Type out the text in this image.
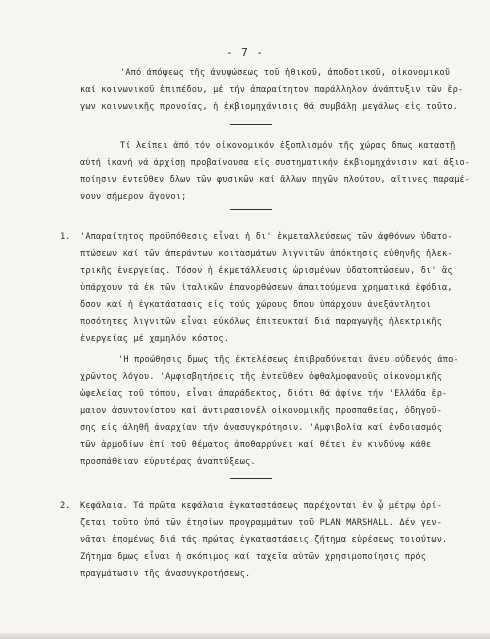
- 7 -
'Από άπόψεως τῆς ἀνυψώσεως τοῦ ἠθικοῦ, ἀποδοτικοῦ, οἰκονομικοῦ
καί κοινωνικοῦ ἐπιπέδου, μέ τήν ἀπαραίτητον παράλληλον ἀνάπτυξιν τῶν ἔρ-
γων κοινωνικῆς προνοίας, ἡ ἐκβιομηχάνισις θά συμβάλῃ μεγάλως εἰς τοῦτο.
Τί λείπει ἀπό τόν οἰκονομικόν ἐξοπλισμόν τῆς χώρας δπως καταστῇ
αὐτή ἱκανή νά ἀρχίσῃ προβαίνουσα εἰς συστηματικήν ἐκβιομηχάνισιν καί ἀξιο-
ποίησιν ἐντεῦθεν δλων τῶν φυσικῶν καί ἄλλων πηγῶν πλούτου, αἵτινες παραμέ-
νουν σήμερον ἄγονοι;
1. 'Απαραίτητος προϋπόθεσις εἶναι ἡ δι' ἐκμεταλλεύσεως τῶν ἀφθόνων ὑδατο-
πτώσεων καί τῶν ἀπεράντων κοιτασμάτων λιγνιτῶν ἀπόκτησις εὐθηνῆς ἠλεκ-
τρικῆς ἐνεργείας. Τόσον ἡ ἐκμετάλλευσις ὡρισμένων ὑδατοπτώσεων, δι' ἃς
ὑπάρχουν τά ἐκ τῶν ἰταλικῶν ἐπανορθώσεων ἀπαιτούμενα χρηματικά ἐφόδια,
δσον καί ἡ ἐγκατάστασις εἰς τούς χώρους δπου ὑπάρχουν ἀνεξάντλητοι
ποσότητες λιγνιτῶν εἶναι εὐκόλως ἐπιτευκταί διά παραγωγῆς ἠλεκτρικῆς
ἐνεργείας μέ χαμηλόν κόστος.
'Η προώθησις δμως τῆς ἐκτελέσεως ἐπιβραδύνεται ἄνευ οὐδενός ἀπο-
χρῶντος λόγου. 'Αμφισβητήσεις τῆς ἐντεῦθεν ὀφθαλμοφανοῦς οἰκονομικῆς
ὠφελείας τοῦ τόπου, εἶναι ἀπαράδεκτος, διότι θά ἀφίνε τήν 'Ελλάδα ἔρ-
μαιον ἀσυντονίστου καί ἀντιρασιονέλ οἰκονομικῆς προσπαθείας, ὁδηγοῦ-
σης εἰς ἀληθῆ ἀναρχίαν τήν ἀνασυγκρότησιν. 'Αμφιβολία καί ἐνδοιασμός
τῶν ἁρμοδίων ἐπί τοῦ θέματος ἀποθαρρύνει καί θέτει ἐν κινδύνῳ κάθε
προσπάθειαν εὐρυτέρας ἀναπτύξεως.
2. Κεφάλαια. Τά πρῶτα κεφάλαια ἐγκαταστάσεως παρέχονται ἐν ᾧ μέτρῳ ὁρί-
ζεται τοῦτο ὑπό τῶν ἐτησίων προγραμμάτων τοῦ PLAN MARSHALL. Δέν γεν-
νᾶται ἑπομένως διά τάς πρώτας ἐγκαταστάσεις ζήτημα εὑρέσεως τοιούτων.
Ζήτημα δμως εἶναι ἡ σκόπιμος καί ταχεῖα αὐτῶν χρησιμοποίησις πρός
πραγμάτωσιν τῆς ἀνασυγκροτήσεως.
